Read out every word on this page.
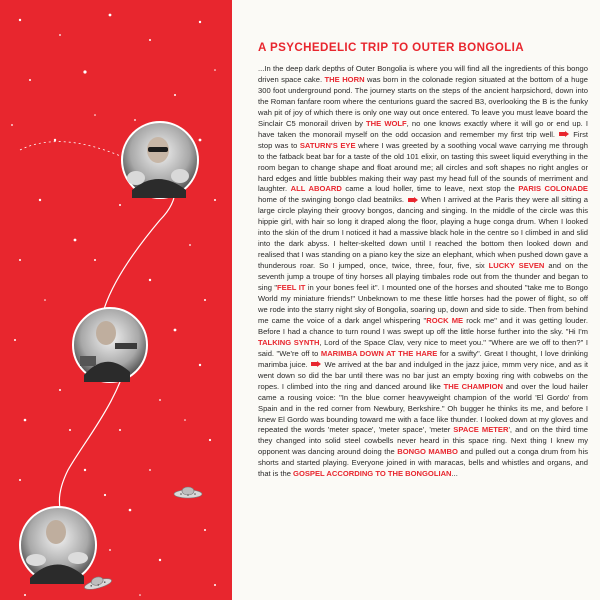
A PSYCHEDELIC TRIP TO OUTER BONGOLIA

...In the deep dark depths of Outer Bongolia is where you will find all the ingredients of this bongo driven space cake. THE HORN was born in the colonade region situated at the bottom of a huge 300 foot underground pond. The journey starts on the steps of the ancient harpsichord, down into the Roman fanfare room where the centurions guard the sacred B3, overlooking the B is the funky wah pit of joy of which there is only one way out once entered. To leave you must leave board the Sinclair C5 monorail driven by THE WOLF, no one knows exactly where it will go or end up. I have taken the monorail myself on the odd occasion and remember my first trip well.  First stop was to SATURN'S EYE where I was greeted by a soothing vocal wave carrying me through to the fatback beat bar for a taste of the old 101 elixir, on tasting this sweet liquid everything in the room began to change shape and float around me; all circles and soft shapes no right angles or hard edges and little bubbles making their way past my head full of the sounds of merriment and laughter. ALL ABOARD came a loud holler, time to leave, next stop the PARIS COLONADE home of the swinging bongo clad beatniks.  When I arrived at the Paris they were all sitting a large circle playing their groovy bongos, dancing and singing. In the middle of the circle was this hippie girl, with hair so long it draped along the floor, playing a huge conga drum. When I looked into the skin of the drum I noticed it had a massive black hole in the centre so I climbed in and slid into the dark abyss. I helter-skelted down until I reached the bottom then looked down and realised that I was standing on a piano key the size an elephant, which when pushed down gave a thunderous roar. So I jumped, once, twice, three, four, five, six LUCKY SEVEN and on the seventh jump a troupe of tiny horses all playing timbales rode out from the thunder and began to sing "FEEL IT in your bones feel it". I mounted one of the horses and shouted "take me to Bongo World my miniature friends!" Unbeknown to me these little horses had the power of flight, so off we rode into the starry night sky of Bongolia, soaring up, down and side to side. Then from behind me came the voice of a dark angel whispering "ROCK ME rock me" and it was getting louder. Before I had a chance to turn round I was swept up off the little horse further into the sky. "Hi I'm TALKING SYNTH, Lord of the Space Clav, very nice to meet you." "Where are we off to then?" I said. "We're off to MARIMBA DOWN AT THE HARE for a swifty". Great I thought, I love drinking marimba juice.  We arrived at the bar and indulged in the jazz juice, mmm very nice, and as it went down so did the bar until there was no bar just an empty boxing ring with cobwebs on the ropes. I climbed into the ring and danced around like THE CHAMPION and over the loud hailer came a rousing voice: "In the blue corner heavyweight champion of the world 'El Gordo' from Spain and in the red corner from Newbury, Berkshire." Oh bugger he thinks its me, and before I knew El Gordo was bounding toward me with a face like thunder. I looked down at my gloves and repeated the words 'meter space', 'meter space', 'meter SPACE METER', and on the third time they changed into solid steel cowbells never heard in this space ring. Next thing I knew my opponent was dancing around doing the BONGO MAMBO and pulled out a conga drum from his shorts and started playing. Everyone joined in with maracas, bells and whistles and organs, and that is the GOSPEL ACCORDING TO THE BONGOLIAN...
